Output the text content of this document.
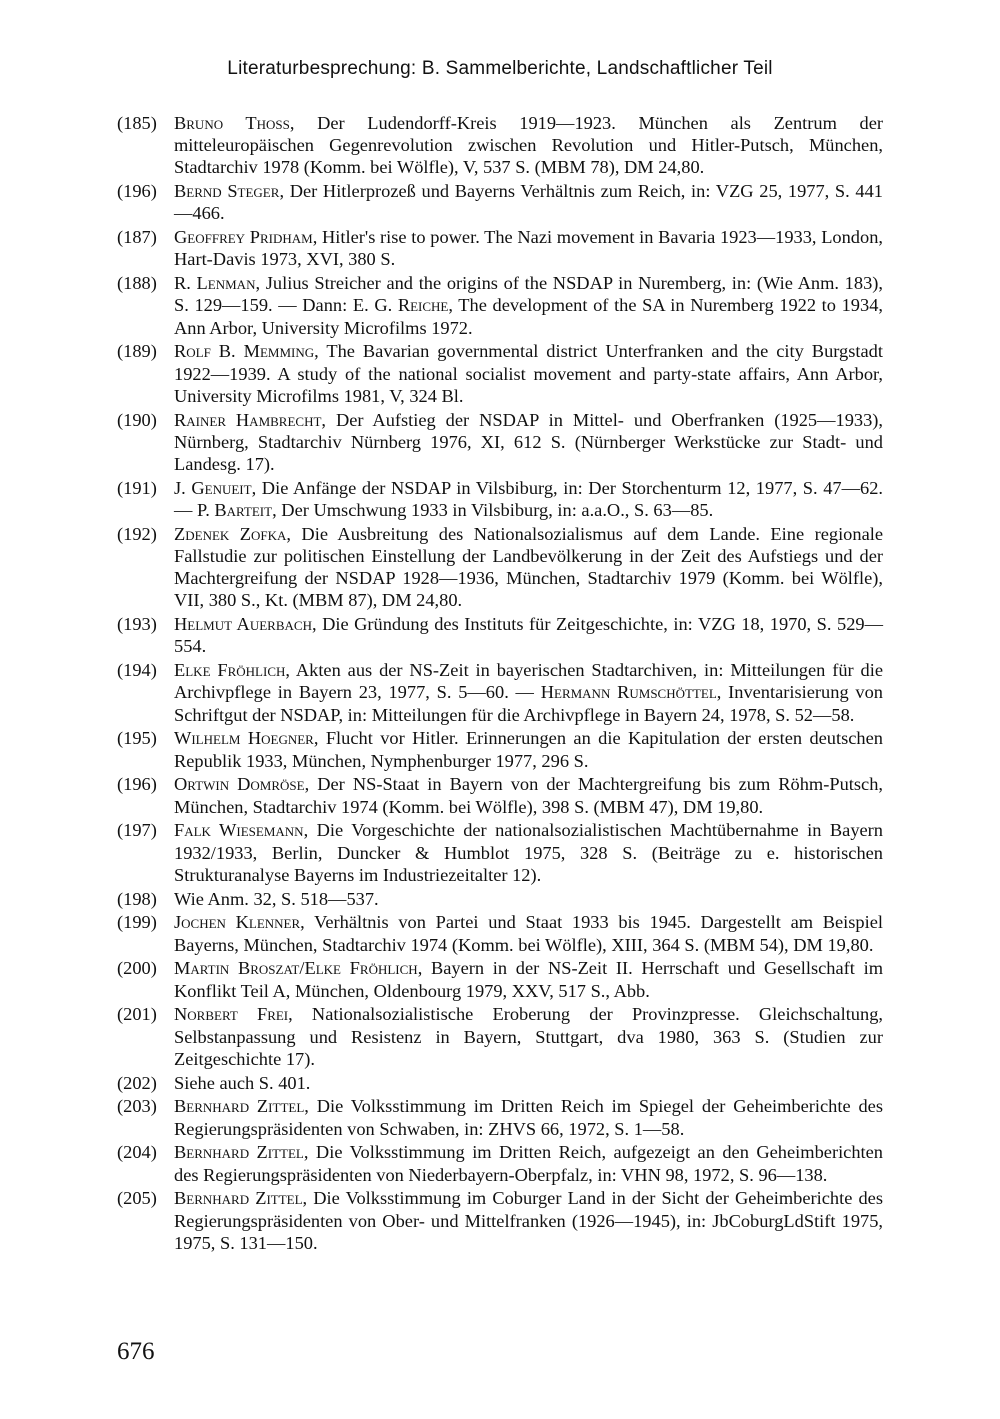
Literaturbesprechung: B. Sammelberichte, Landschaftlicher Teil
(185) Bruno Thoss, Der Ludendorff-Kreis 1919—1923. München als Zentrum der mitteleuropäischen Gegenrevolution zwischen Revolution und Hitler-Putsch, München, Stadtarchiv 1978 (Komm. bei Wölfle), V, 537 S. (MBM 78), DM 24,80.
(196) Bernd Steger, Der Hitlerprozeß und Bayerns Verhältnis zum Reich, in: VZG 25, 1977, S. 441—466.
(187) Geoffrey Pridham, Hitler's rise to power. The Nazi movement in Bavaria 1923—1933, London, Hart-Davis 1973, XVI, 380 S.
(188) R. Lenman, Julius Streicher and the origins of the NSDAP in Nuremberg, in: (Wie Anm. 183), S. 129—159. — Dann: E. G. Reiche, The development of the SA in Nuremberg 1922 to 1934, Ann Arbor, University Microfilms 1972.
(189) Rolf B. Memming, The Bavarian governmental district Unterfranken and the city Burgstadt 1922—1939. A study of the national socialist movement and party-state affairs, Ann Arbor, University Microfilms 1981, V, 324 Bl.
(190) Rainer Hambrecht, Der Aufstieg der NSDAP in Mittel- und Oberfranken (1925—1933), Nürnberg, Stadtarchiv Nürnberg 1976, XI, 612 S. (Nürnberger Werkstücke zur Stadt- und Landesg. 17).
(191) J. Genueit, Die Anfänge der NSDAP in Vilsbiburg, in: Der Storchenturm 12, 1977, S. 47—62. — P. Barteit, Der Umschwung 1933 in Vilsbiburg, in: a.a.O., S. 63—85.
(192) Zdenek Zofka, Die Ausbreitung des Nationalsozialismus auf dem Lande. Eine regionale Fallstudie zur politischen Einstellung der Landbevölkerung in der Zeit des Aufstiegs und der Machtergreifung der NSDAP 1928—1936, München, Stadtarchiv 1979 (Komm. bei Wölfle), VII, 380 S., Kt. (MBM 87), DM 24,80.
(193) Helmut Auerbach, Die Gründung des Instituts für Zeitgeschichte, in: VZG 18, 1970, S. 529—554.
(194) Elke Fröhlich, Akten aus der NS-Zeit in bayerischen Stadtarchiven, in: Mitteilungen für die Archivpflege in Bayern 23, 1977, S. 5—60. — Hermann Rumschöttel, Inventarisierung von Schriftgut der NSDAP, in: Mitteilungen für die Archivpflege in Bayern 24, 1978, S. 52—58.
(195) Wilhelm Hoegner, Flucht vor Hitler. Erinnerungen an die Kapitulation der ersten deutschen Republik 1933, München, Nymphenburger 1977, 296 S.
(196) Ortwin Domröse, Der NS-Staat in Bayern von der Machtergreifung bis zum Röhm-Putsch, München, Stadtarchiv 1974 (Komm. bei Wölfle), 398 S. (MBM 47), DM 19,80.
(197) Falk Wiesemann, Die Vorgeschichte der nationalsozialistischen Machtübernahme in Bayern 1932/1933, Berlin, Duncker & Humblot 1975, 328 S. (Beiträge zu e. historischen Strukturanalyse Bayerns im Industriezeitalter 12).
(198) Wie Anm. 32, S. 518—537.
(199) Jochen Klenner, Verhältnis von Partei und Staat 1933 bis 1945. Dargestellt am Beispiel Bayerns, München, Stadtarchiv 1974 (Komm. bei Wölfle), XIII, 364 S. (MBM 54), DM 19,80.
(200) Martin Broszat/Elke Fröhlich, Bayern in der NS-Zeit II. Herrschaft und Gesellschaft im Konflikt Teil A, München, Oldenbourg 1979, XXV, 517 S., Abb.
(201) Norbert Frei, Nationalsozialistische Eroberung der Provinzpresse. Gleichschaltung, Selbstanpassung und Resistenz in Bayern, Stuttgart, dva 1980, 363 S. (Studien zur Zeitgeschichte 17).
(202) Siehe auch S. 401.
(203) Bernhard Zittel, Die Volksstimmung im Dritten Reich im Spiegel der Geheimberichte des Regierungspräsidenten von Schwaben, in: ZHVS 66, 1972, S. 1—58.
(204) Bernhard Zittel, Die Volksstimmung im Dritten Reich, aufgezeigt an den Geheimberichten des Regierungspräsidenten von Niederbayern-Oberpfalz, in: VHN 98, 1972, S. 96—138.
(205) Bernhard Zittel, Die Volksstimmung im Coburger Land in der Sicht der Geheimberichte des Regierungspräsidenten von Ober- und Mittelfranken (1926—1945), in: JbCoburgLdStift 1975, 1975, S. 131—150.
676
